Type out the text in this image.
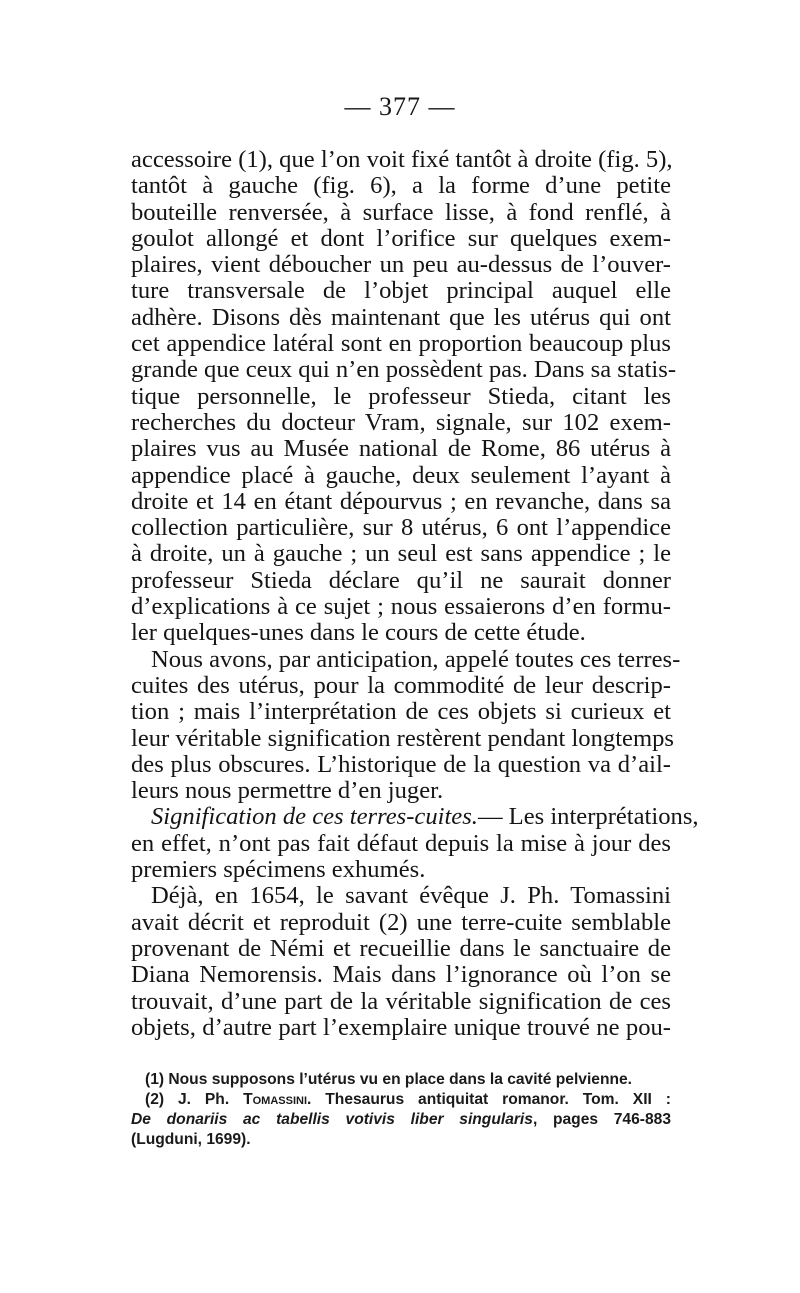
— 377 —
accessoire (1), que l’on voit fixé tantôt à droite (fig. 5),
tantôt à gauche (fig. 6), a la forme d’une petite
bouteille renversée, à surface lisse, à fond renflé, à
goulot allongé et dont l’orifice sur quelques exem-
plaires, vient déboucher un peu au-dessus de l’ouver-
ture transversale de l’objet principal auquel elle
adhère. Disons dès maintenant que les utérus qui ont
cet appendice latéral sont en proportion beaucoup plus
grande que ceux qui n’en possèdent pas. Dans sa statis-
tique personnelle, le professeur Stieda, citant les
recherches du docteur Vram, signale, sur 102 exem-
plaires vus au Musée national de Rome, 86 utérus à
appendice placé à gauche, deux seulement l’ayant à
droite et 14 en étant dépourvus ; en revanche, dans sa
collection particulière, sur 8 utérus, 6 ont l’appendice
à droite, un à gauche ; un seul est sans appendice ; le
professeur Stieda déclare qu’il ne saurait donner
d’explications à ce sujet ; nous essaierons d’en formu-
ler quelques-unes dans le cours de cette étude.
Nous avons, par anticipation, appelé toutes ces terres-
cuites des utérus, pour la commodité de leur descrip-
tion ; mais l’interprétation de ces objets si curieux et
leur véritable signification restèrent pendant longtemps
des plus obscures. L’historique de la question va d’ail-
leurs nous permettre d’en juger.
Signification de ces terres-cuites.— Les interprétations,
en effet, n’ont pas fait défaut depuis la mise à jour des
premiers spécimens exhumés.
Déjà, en 1654, le savant évêque J. Ph. Tomassini
avait décrit et reproduit (2) une terre-cuite semblable
provenant de Némi et recueillie dans le sanctuaire de
Diana Nemorensis. Mais dans l’ignorance où l’on se
trouvait, d’une part de la véritable signification de ces
objets, d’autre part l’exemplaire unique trouvé ne pou-
(1) Nous supposons l’utérus vu en place dans la cavité pelvienne.
(2) J. Ph. Tomassini. Thesaurus antiquitat romanor. Tom. XII :
De donariis ac tabellis votivis liber singularis, pages 746-883
(Lugduni, 1699).
